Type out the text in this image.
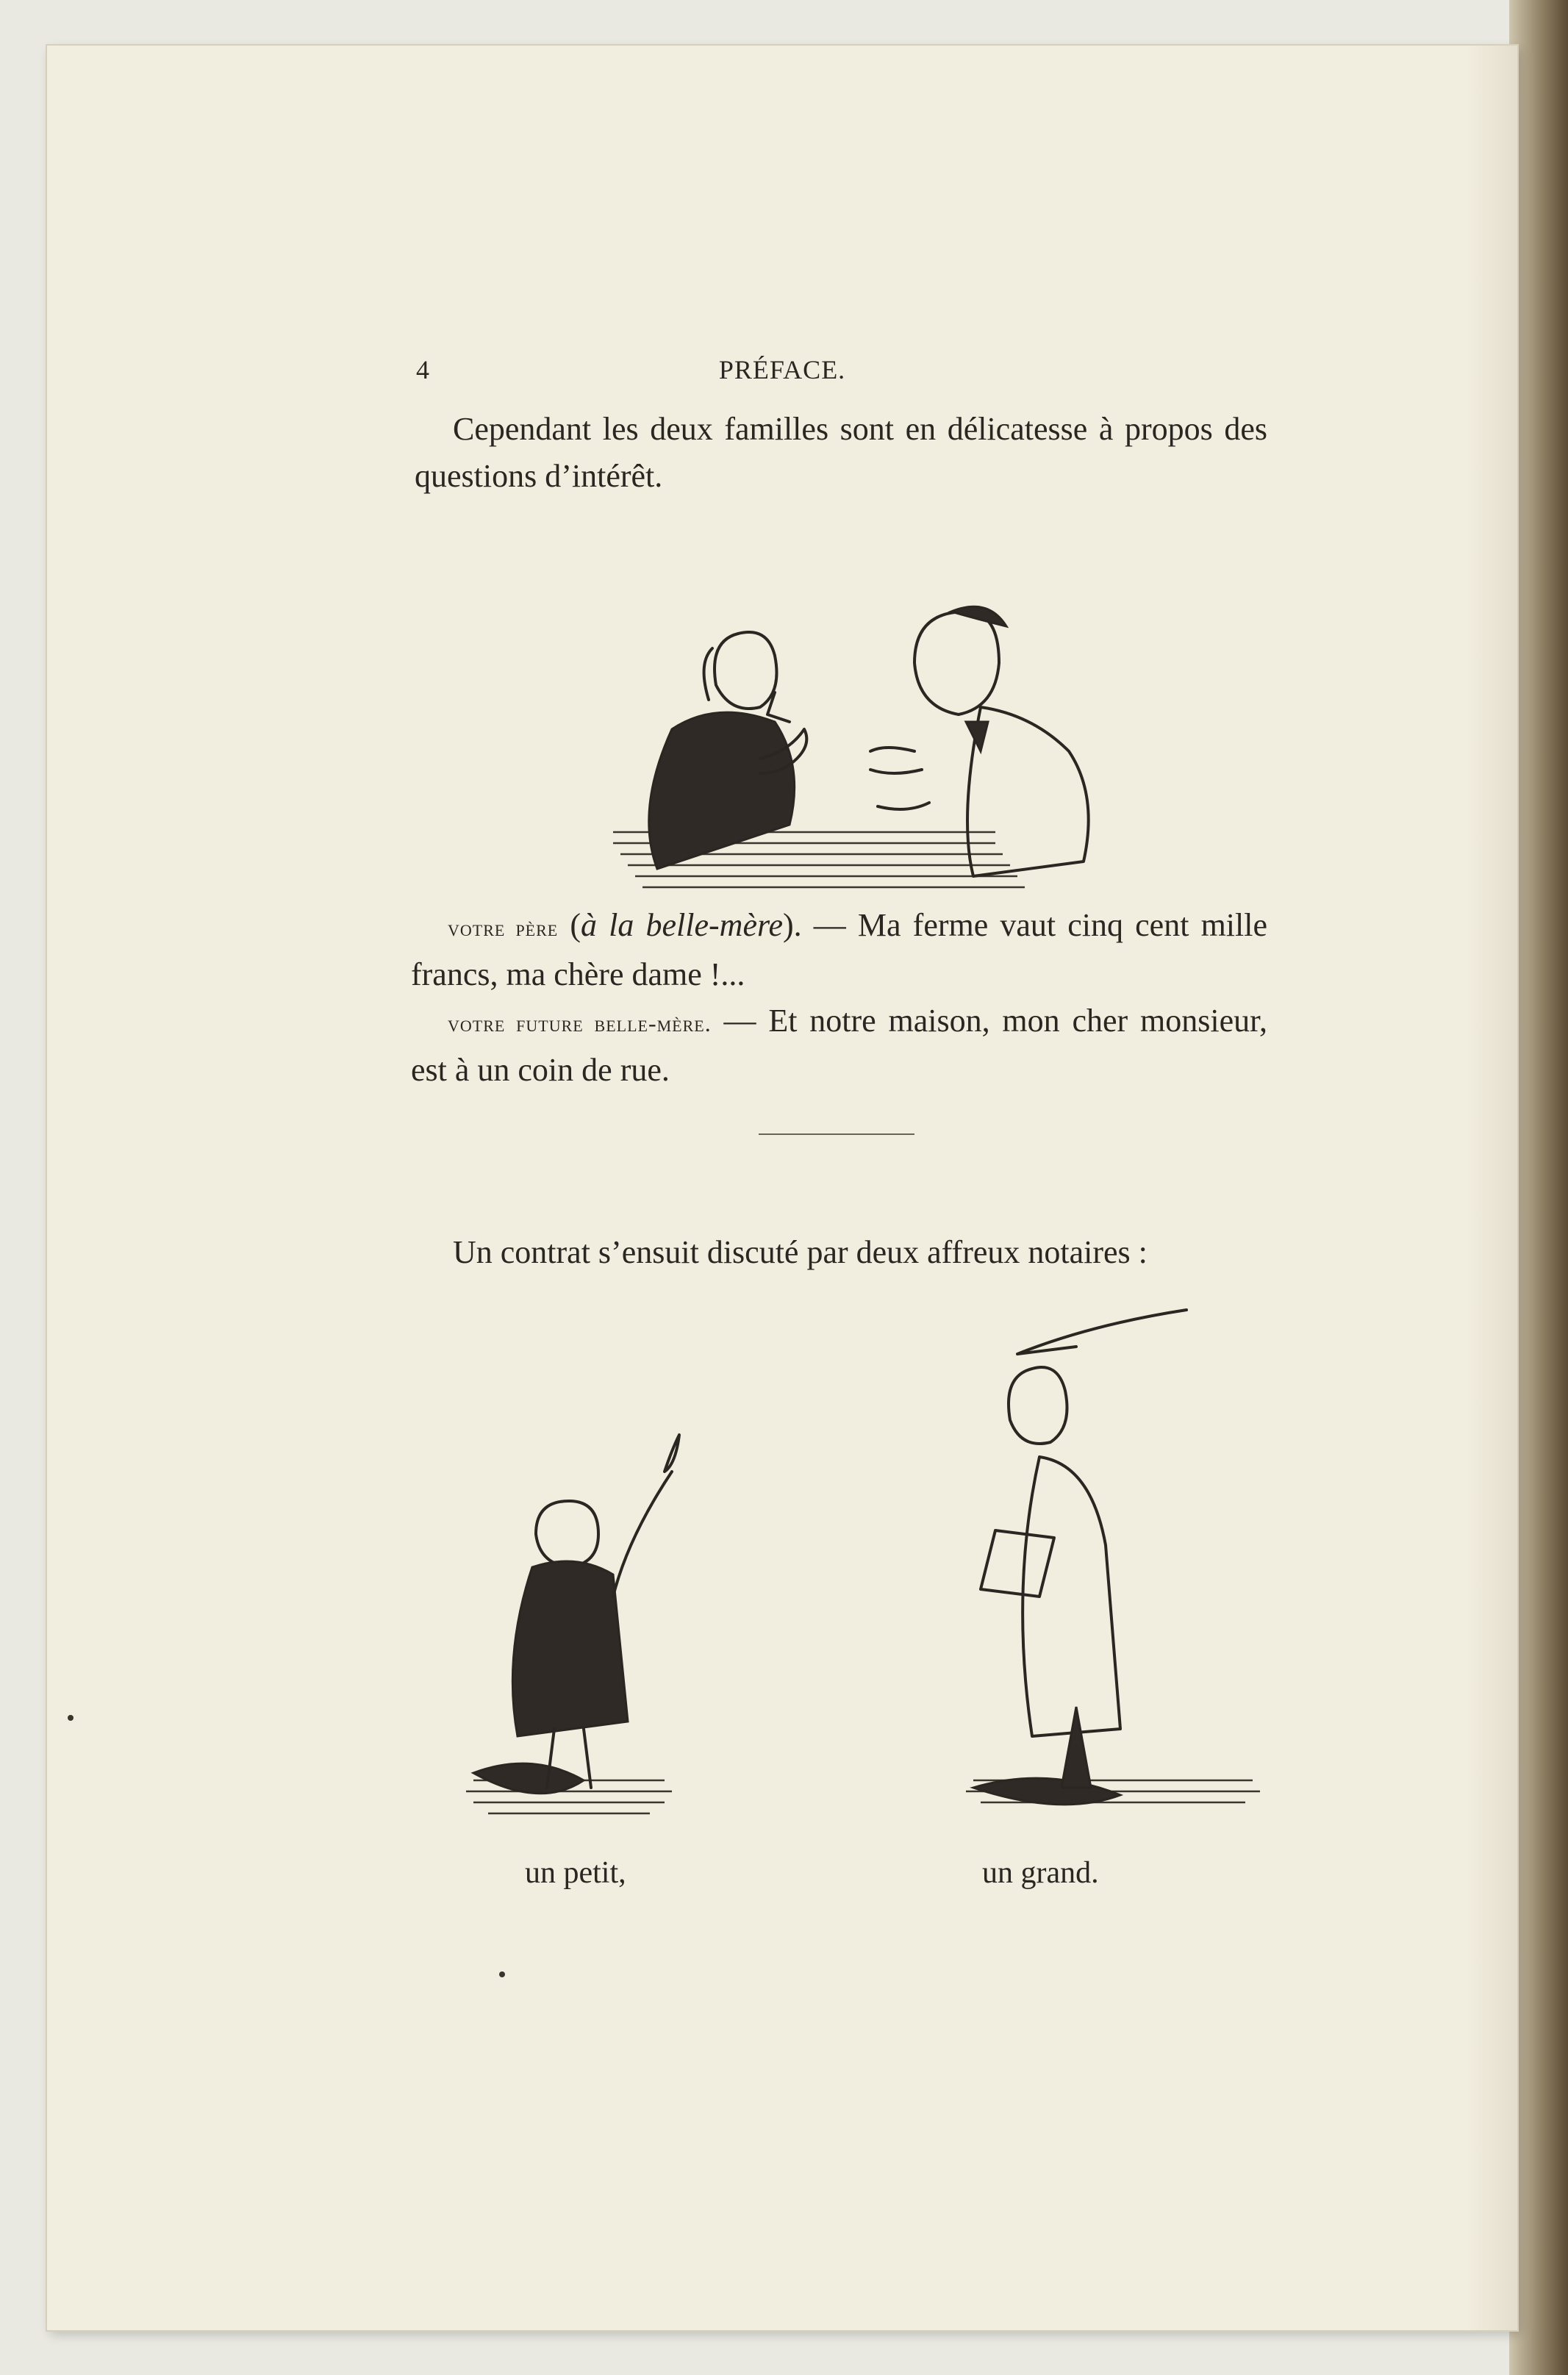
4	PRÉFACE.

Cependant les deux familles sont en délicatesse à propos des questions d’intérêt.

votre père (à la belle-mère). — Ma ferme vaut cinq cent mille francs, ma chère dame !...

votre future belle-mère. — Et notre maison, mon cher monsieur, est à un coin de rue.

Un contrat s’ensuit discuté par deux affreux notaires :

un petit,	un grand.
